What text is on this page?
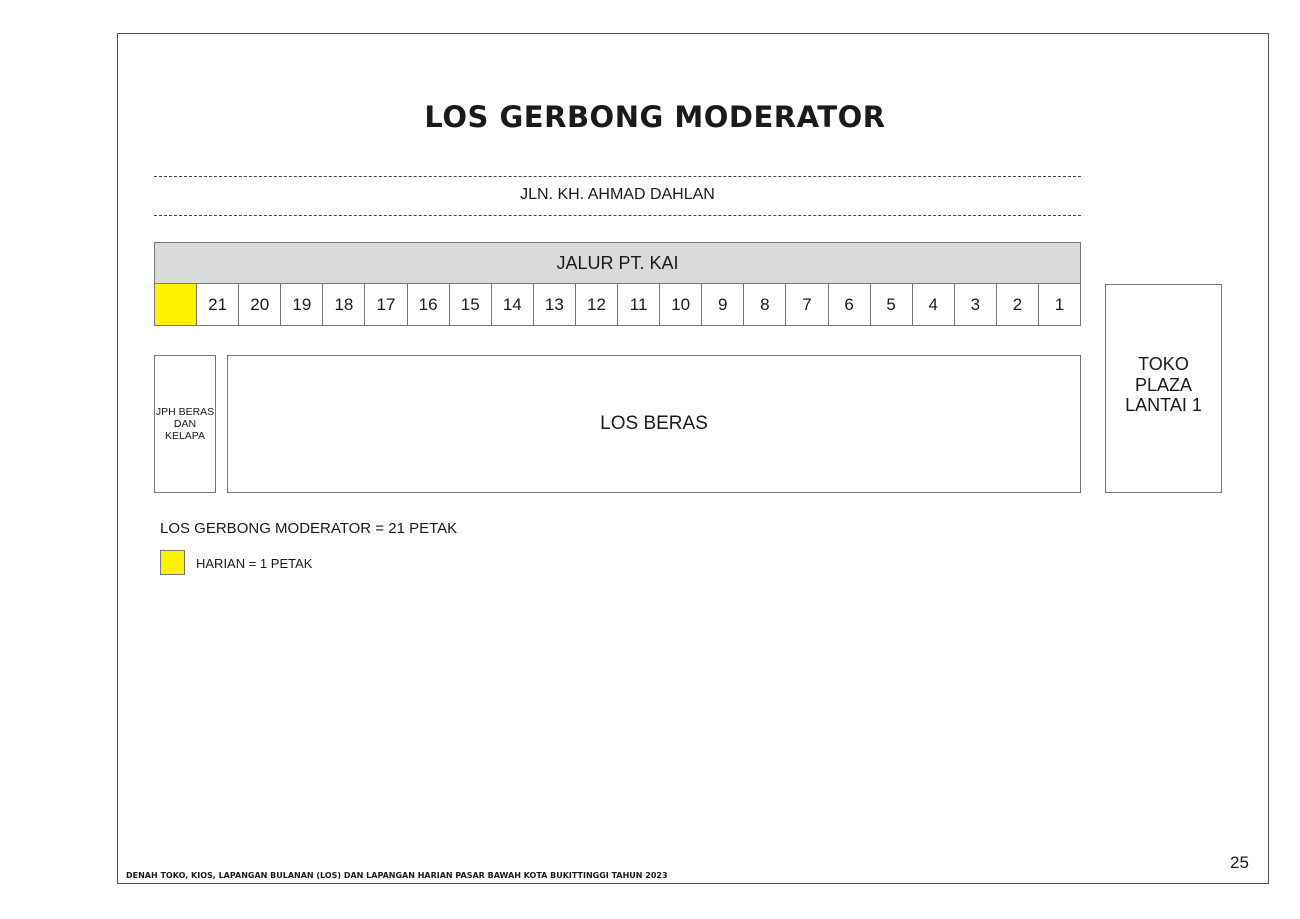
LOS GERBONG MODERATOR
JLN. KH. AHMAD DAHLAN
JALUR PT. KAI
21	20	19	18	17	16	15	14	13	12	11	10	9	8	7	6	5	4	3	2	1
JPH BERAS
DAN
KELAPA
LOS BERAS
TOKO
PLAZA
LANTAI 1
LOS GERBONG MODERATOR = 21 PETAK
HARIAN = 1 PETAK
DENAH TOKO, KIOS, LAPANGAN BULANAN (LOS) DAN LAPANGAN HARIAN PASAR BAWAH KOTA BUKITTINGGI TAHUN 2023
25
